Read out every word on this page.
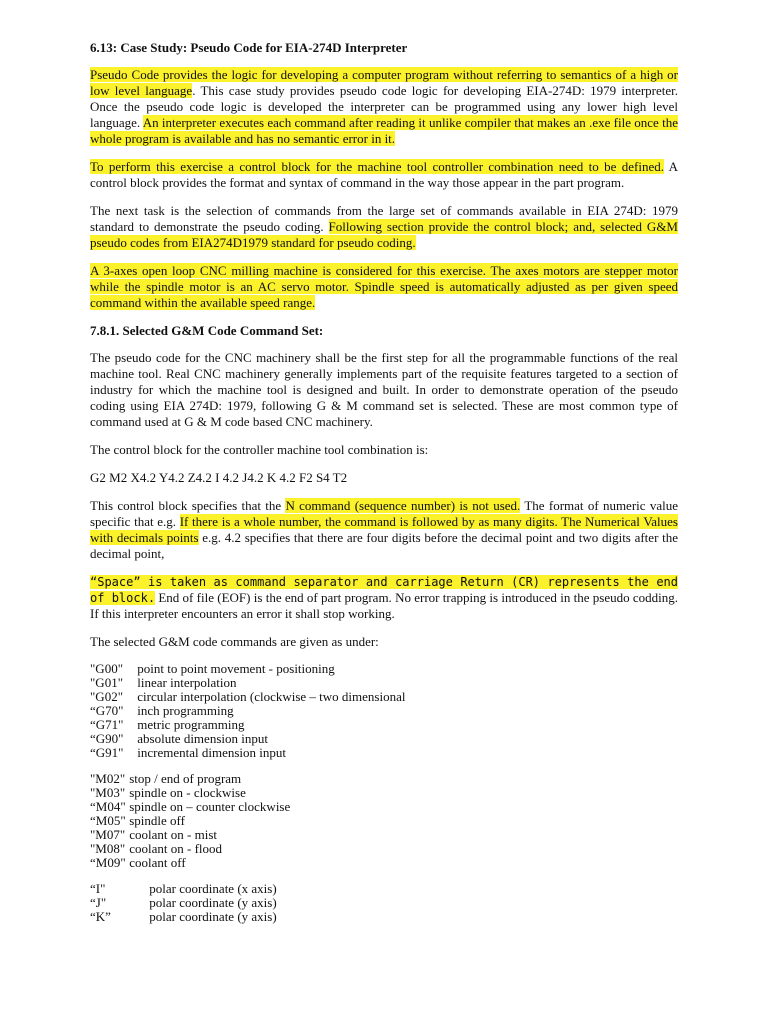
6.13: Case Study: Pseudo Code for EIA-274D Interpreter

Pseudo Code provides the logic for developing a computer program without referring to semantics of a high or low level language. This case study provides pseudo code logic for developing EIA-274D: 1979 interpreter. Once the pseudo code logic is developed the interpreter can be programmed using any lower high level language. An interpreter executes each command after reading it unlike compiler that makes an .exe file once the whole program is available and has no semantic error in it.

To perform this exercise a control block for the machine tool controller combination need to be defined. A control block provides the format and syntax of command in the way those appear in the part program.

The next task is the selection of commands from the large set of commands available in EIA 274D: 1979 standard to demonstrate the pseudo coding. Following section provide the control block; and, selected G&M pseudo codes from EIA274D1979 standard for pseudo coding.

A 3-axes open loop CNC milling machine is considered for this exercise. The axes motors are stepper motor while the spindle motor is an AC servo motor. Spindle speed is automatically adjusted as per given speed command within the available speed range.

7.8.1. Selected G&M Code Command Set:

The pseudo code for the CNC machinery shall be the first step for all the programmable functions of the real machine tool. Real CNC machinery generally implements part of the requisite features targeted to a section of industry for which the machine tool is designed and built. In order to demonstrate operation of the pseudo coding using EIA 274D: 1979, following G & M command set is selected. These are most common type of command used at G & M code based CNC machinery.

The control block for the controller machine tool combination is:

G2 M2 X4.2 Y4.2 Z4.2 I 4.2 J4.2 K 4.2 F2 S4 T2

This control block specifies that the N command (sequence number) is not used. The format of numeric value specific that e.g. If there is a whole number, the command is followed by as many digits. The Numerical Values with decimals points e.g. 4.2 specifies that there are four digits before the decimal point and two digits after the decimal point,

“Space” is taken as command separator and carriage Return (CR) represents the end of block. End of file (EOF) is the end of part program. No error trapping is introduced in the pseudo codding. If this interpreter encounters an error it shall stop working.

The selected G&M code commands are given as under:

"G00" point to point movement - positioning
"G01" linear interpolation
"G02" circular interpolation (clockwise – two dimensional
“G70" inch programming
“G71" metric programming
“G90" absolute dimension input
“G91" incremental dimension input
"M02" stop / end of program
"M03" spindle on - clockwise
“M04" spindle on – counter clockwise
“M05" spindle off
"M07" coolant on - mist
"M08" coolant on - flood
“M09" coolant off
“I"	polar coordinate (x axis)
“J"	polar coordinate (y axis)
“K”	polar coordinate (y axis)
